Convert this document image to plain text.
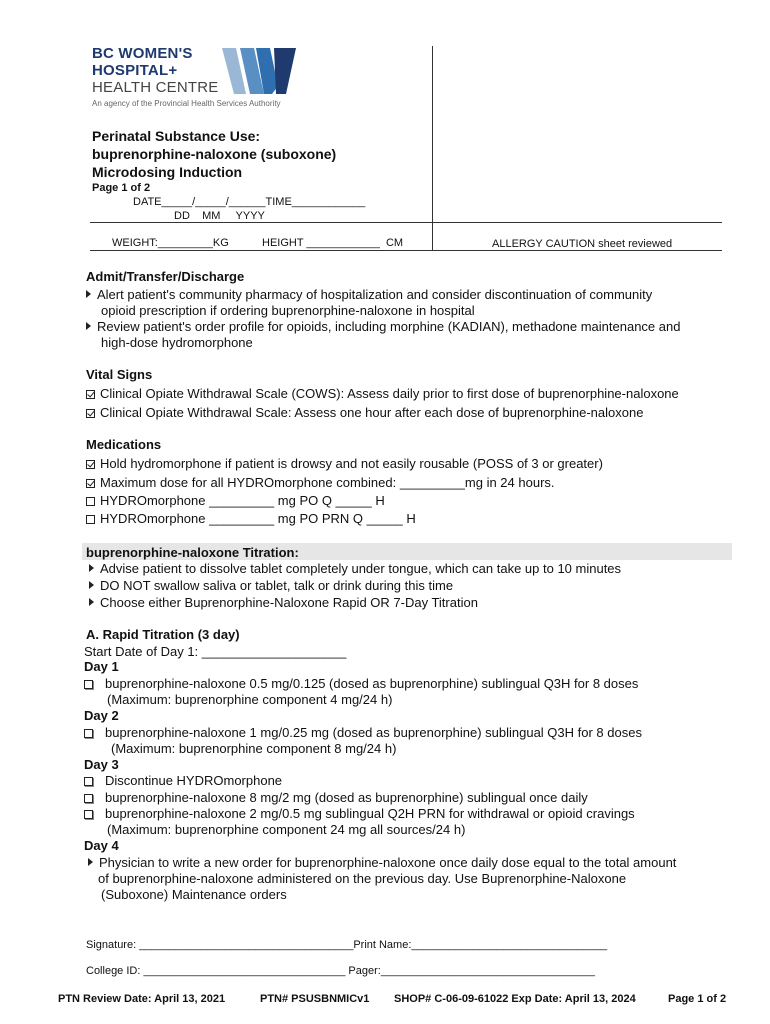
BC WOMEN'S
HOSPITAL+
HEALTH CENTRE
An agency of the Provincial Health Services Authority
Perinatal Substance Use:
buprenorphine-naloxone (suboxone)
Microdosing Induction
Page 1 of 2
DATE_____/_____/______TIME____________
DD    MM     YYYY
WEIGHT:_________KG	HEIGHT ____________  CM	ALLERGY CAUTION sheet reviewed
Admit/Transfer/Discharge
Alert patient's community pharmacy of hospitalization and consider discontinuation of community
opioid prescription if ordering buprenorphine-naloxone in hospital
Review patient's order profile for opioids, including morphine (KADIAN), methadone maintenance and
high-dose hydromorphone
Vital Signs
Clinical Opiate Withdrawal Scale (COWS): Assess daily prior to first dose of buprenorphine-naloxone
Clinical Opiate Withdrawal Scale: Assess one hour after each dose of buprenorphine-naloxone
Medications
Hold hydromorphone if patient is drowsy and not easily rousable (POSS of 3 or greater)
Maximum dose for all HYDROmorphone combined: _________mg in 24 hours.
HYDROmorphone _________ mg PO Q _____ H
HYDROmorphone _________ mg PO PRN Q _____ H
buprenorphine-naloxone Titration:
Advise patient to dissolve tablet completely under tongue, which can take up to 10 minutes
DO NOT swallow saliva or tablet, talk or drink during this time
Choose either Buprenorphine-Naloxone Rapid OR 7-Day Titration
A. Rapid Titration (3 day)
Start Date of Day 1: ____________________
Day 1
buprenorphine-naloxone 0.5 mg/0.125 (dosed as buprenorphine) sublingual Q3H for 8 doses
(Maximum: buprenorphine component 4 mg/24 h)
Day 2
buprenorphine-naloxone 1 mg/0.25 mg (dosed as buprenorphine) sublingual Q3H for 8 doses
(Maximum: buprenorphine component 8 mg/24 h)
Day 3
Discontinue HYDROmorphone
buprenorphine-naloxone 8 mg/2 mg (dosed as buprenorphine) sublingual once daily
buprenorphine-naloxone 2 mg/0.5 mg sublingual Q2H PRN for withdrawal or opioid cravings
(Maximum: buprenorphine component 24 mg all sources/24 h)
Day 4
Physician to write a new order for buprenorphine-naloxone once daily dose equal to the total amount
of buprenorphine-naloxone administered on the previous day. Use Buprenorphine-Naloxone
(Suboxone) Maintenance orders
Signature: ___________________________________Print Name:________________________________
College ID: _________________________________ Pager:___________________________________
PTN Review Date: April 13, 2021	PTN# PSUSBNMICv1 SHOP# C-06-09-61022 Exp Date: April 13, 2024	Page 1 of 2
